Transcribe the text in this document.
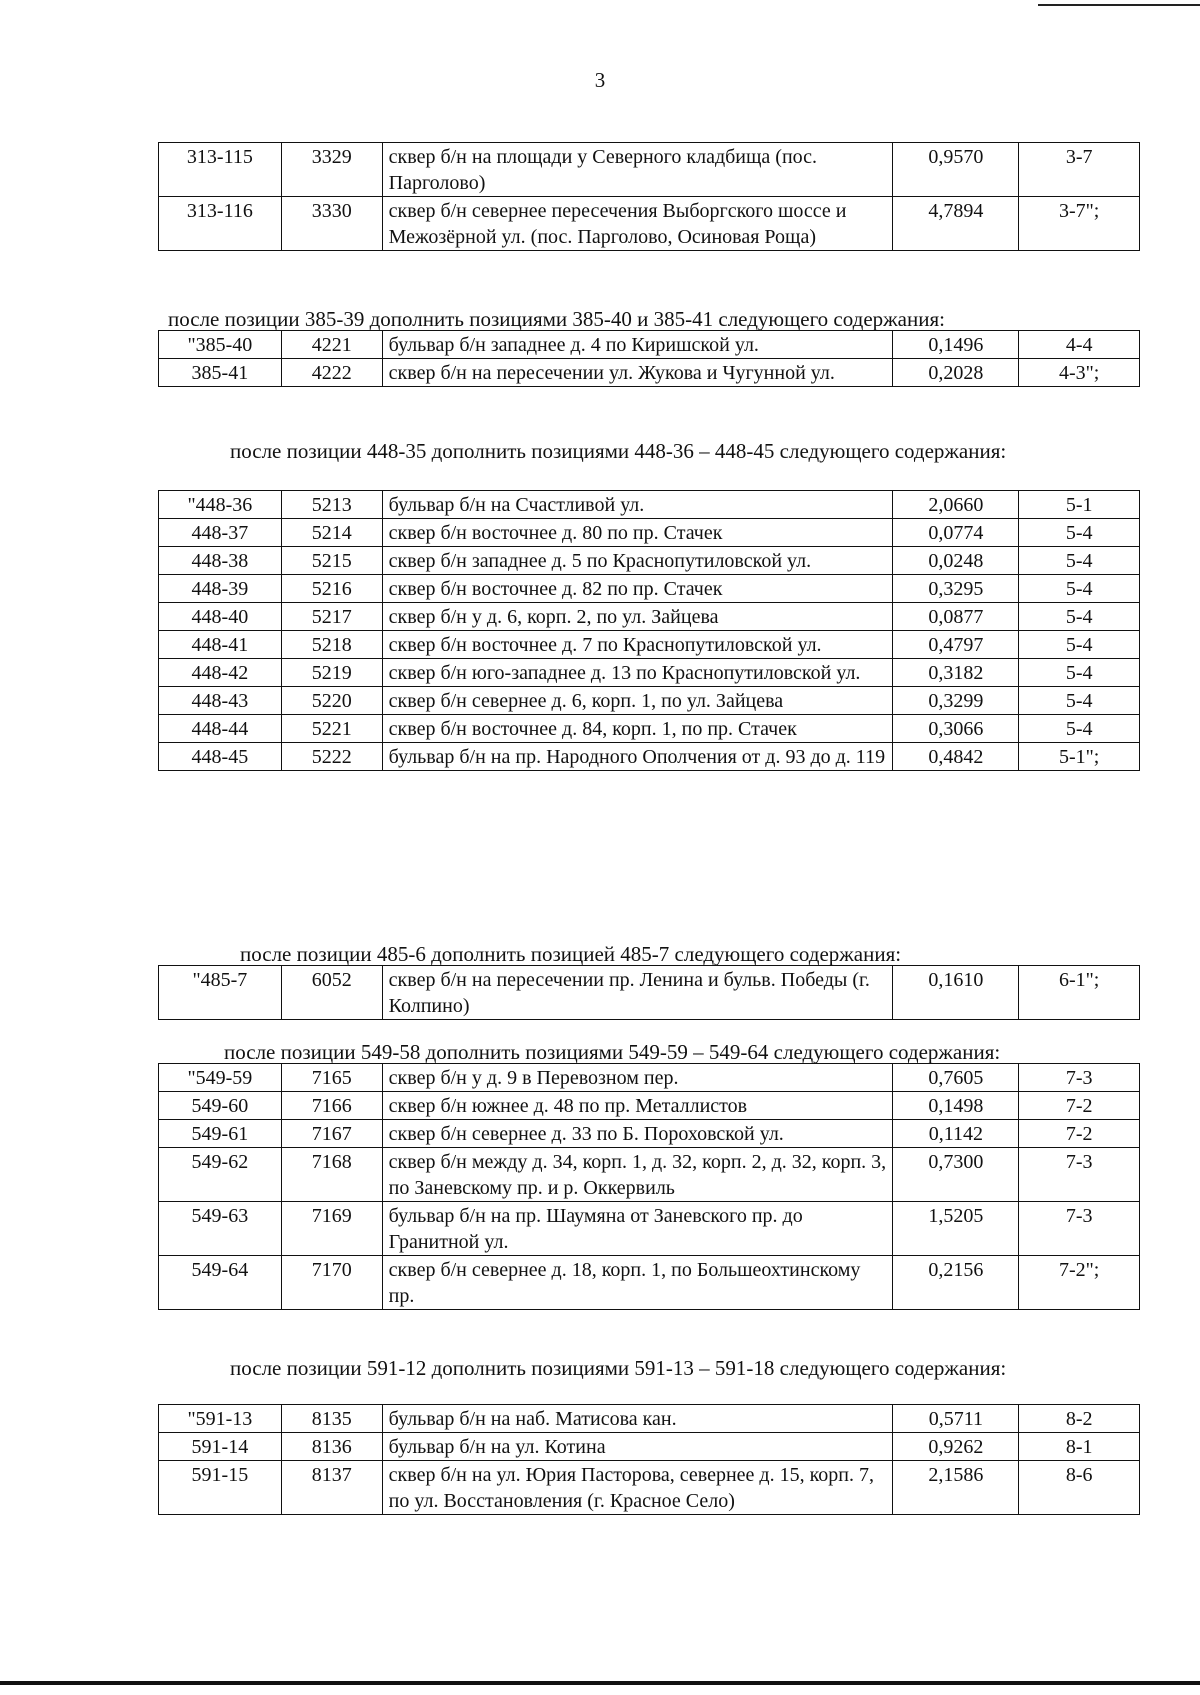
3
313-115	3329	сквер б/н на площади у Северного кладбища (пос. Парголово)	0,9570	3-7
313-116	3330	сквер б/н севернее пересечения Выборгского шоссе и Межозёрной ул. (пос. Парголово, Осиновая Роща)	4,7894	3-7";
после позиции 385-39 дополнить позициями 385-40 и 385-41 следующего содержания:
"385-40	4221	бульвар б/н западнее д. 4 по Киришской ул.	0,1496	4-4
385-41	4222	сквер б/н на пересечении ул. Жукова и Чугунной ул.	0,2028	4-3";
после позиции 448-35 дополнить позициями 448-36 – 448-45 следующего содержания:
"448-36	5213	бульвар б/н на Счастливой ул.	2,0660	5-1
448-37	5214	сквер б/н восточнее д. 80 по пр. Стачек	0,0774	5-4
448-38	5215	сквер б/н западнее д. 5 по Краснопутиловской ул.	0,0248	5-4
448-39	5216	сквер б/н восточнее д. 82 по пр. Стачек	0,3295	5-4
448-40	5217	сквер б/н у д. 6, корп. 2, по ул. Зайцева	0,0877	5-4
448-41	5218	сквер б/н восточнее д. 7 по Краснопутиловской ул.	0,4797	5-4
448-42	5219	сквер б/н юго-западнее д. 13 по Краснопутиловской ул.	0,3182	5-4
448-43	5220	сквер б/н севернее д. 6, корп. 1, по ул. Зайцева	0,3299	5-4
448-44	5221	сквер б/н восточнее д. 84, корп. 1, по пр. Стачек	0,3066	5-4
448-45	5222	бульвар б/н на пр. Народного Ополчения от д. 93 до д. 119	0,4842	5-1";
после позиции 485-6 дополнить позицией 485-7 следующего содержания:
"485-7	6052	сквер б/н на пересечении пр. Ленина и бульв. Победы (г. Колпино)	0,1610	6-1";
после позиции 549-58 дополнить позициями 549-59 – 549-64 следующего содержания:
"549-59	7165	сквер б/н у д. 9 в Перевозном пер.	0,7605	7-3
549-60	7166	сквер б/н южнее д. 48 по пр. Металлистов	0,1498	7-2
549-61	7167	сквер б/н севернее д. 33 по Б. Пороховской ул.	0,1142	7-2
549-62	7168	сквер б/н между д. 34, корп. 1, д. 32, корп. 2, д. 32, корп. 3, по Заневскому пр. и р. Оккервиль	0,7300	7-3
549-63	7169	бульвар б/н на пр. Шаумяна от Заневского пр. до Гранитной ул.	1,5205	7-3
549-64	7170	сквер б/н севернее д. 18, корп. 1, по Большеохтинскому пр.	0,2156	7-2";
после позиции 591-12 дополнить позициями 591-13 – 591-18 следующего содержания:
"591-13	8135	бульвар б/н на наб. Матисова кан.	0,5711	8-2
591-14	8136	бульвар б/н на ул. Котина	0,9262	8-1
591-15	8137	сквер б/н на ул. Юрия Пасторова, севернее д. 15, корп. 7, по ул. Восстановления (г. Красное Село)	2,1586	8-6
